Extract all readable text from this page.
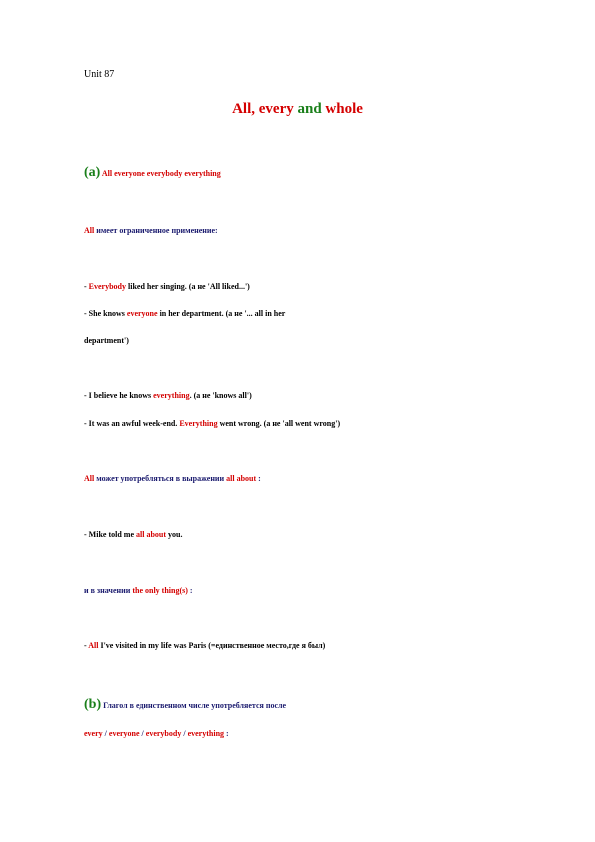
Unit 87
All, every and whole
(a) All everyone everybody everything
All имеет ограниченное применение:
- Everybody liked her singing. (a не 'All liked...')
- She knows everyone in her department. (a не '... all in her
department')
- I believe he knows everything. (a не 'knows all')
- It was an awful week-end. Everything went wrong. (a не 'all went wrong')
All может употребляться в выражении all about :
- Mike told me all about you.
и в значении the only thing(s) :
- All I've visited in my life was Paris (=единственное место,где я был)
(b) Глагол в единственном числе употребляется после
every / everyone / everybody / everything :
